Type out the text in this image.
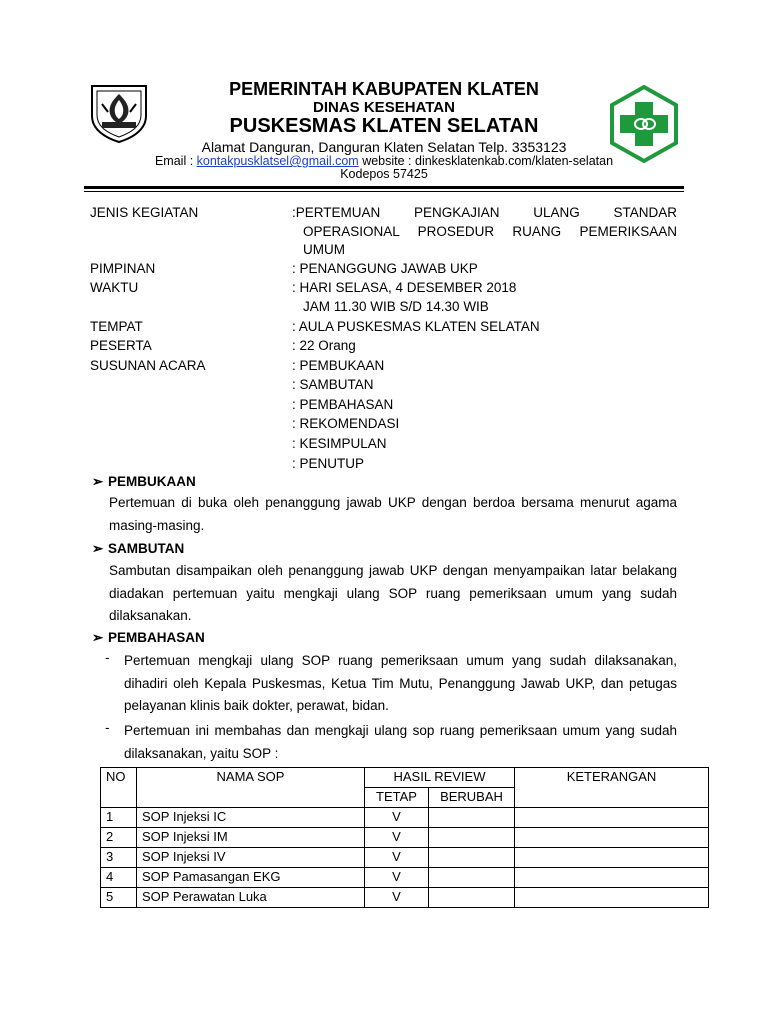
PEMERINTAH KABUPATEN KLATEN
DINAS KESEHATAN
PUSKESMAS KLATEN SELATAN
Alamat Danguran, Danguran Klaten Selatan Telp. 3353123
Email : kontakpusklatsel@gmail.com website : dinkesklatenkab.com/klaten-selatan
Kodepos 57425
JENIS KEGIATAN	:PERTEMUAN PENGKAJIAN ULANG STANDAR
OPERASIONAL PROSEDUR RUANG PEMERIKSAAN
UMUM
PIMPINAN	: PENANGGUNG JAWAB UKP
WAKTU	: HARI SELASA, 4 DESEMBER 2018
JAM 11.30 WIB S/D 14.30 WIB
TEMPAT	: AULA PUSKESMAS KLATEN SELATAN
PESERTA	: 22 Orang
SUSUNAN ACARA	: PEMBUKAAN
: SAMBUTAN
: PEMBAHASAN
: REKOMENDASI
: KESIMPULAN
: PENUTUP
➢ PEMBUKAAN
Pertemuan di buka oleh penanggung jawab UKP dengan berdoa bersama menurut agama masing-masing.
➢ SAMBUTAN
Sambutan disampaikan oleh penanggung jawab UKP dengan menyampaikan latar belakang diadakan pertemuan yaitu mengkaji ulang SOP ruang pemeriksaan umum yang sudah dilaksanakan.
➢ PEMBAHASAN
- Pertemuan mengkaji ulang SOP ruang pemeriksaan umum yang sudah dilaksanakan, dihadiri oleh Kepala Puskesmas, Ketua Tim Mutu, Penanggung Jawab UKP, dan petugas pelayanan klinis baik dokter, perawat, bidan.
- Pertemuan ini membahas dan mengkaji ulang sop ruang pemeriksaan umum yang sudah dilaksanakan, yaitu SOP :
NO	NAMA SOP	HASIL REVIEW		KETERANGAN
		TETAP	BERUBAH	
1	SOP Injeksi IC	V		
2	SOP Injeksi IM	V		
3	SOP Injeksi IV	V		
4	SOP Pamasangan EKG	V		
5	SOP Perawatan Luka	V		
